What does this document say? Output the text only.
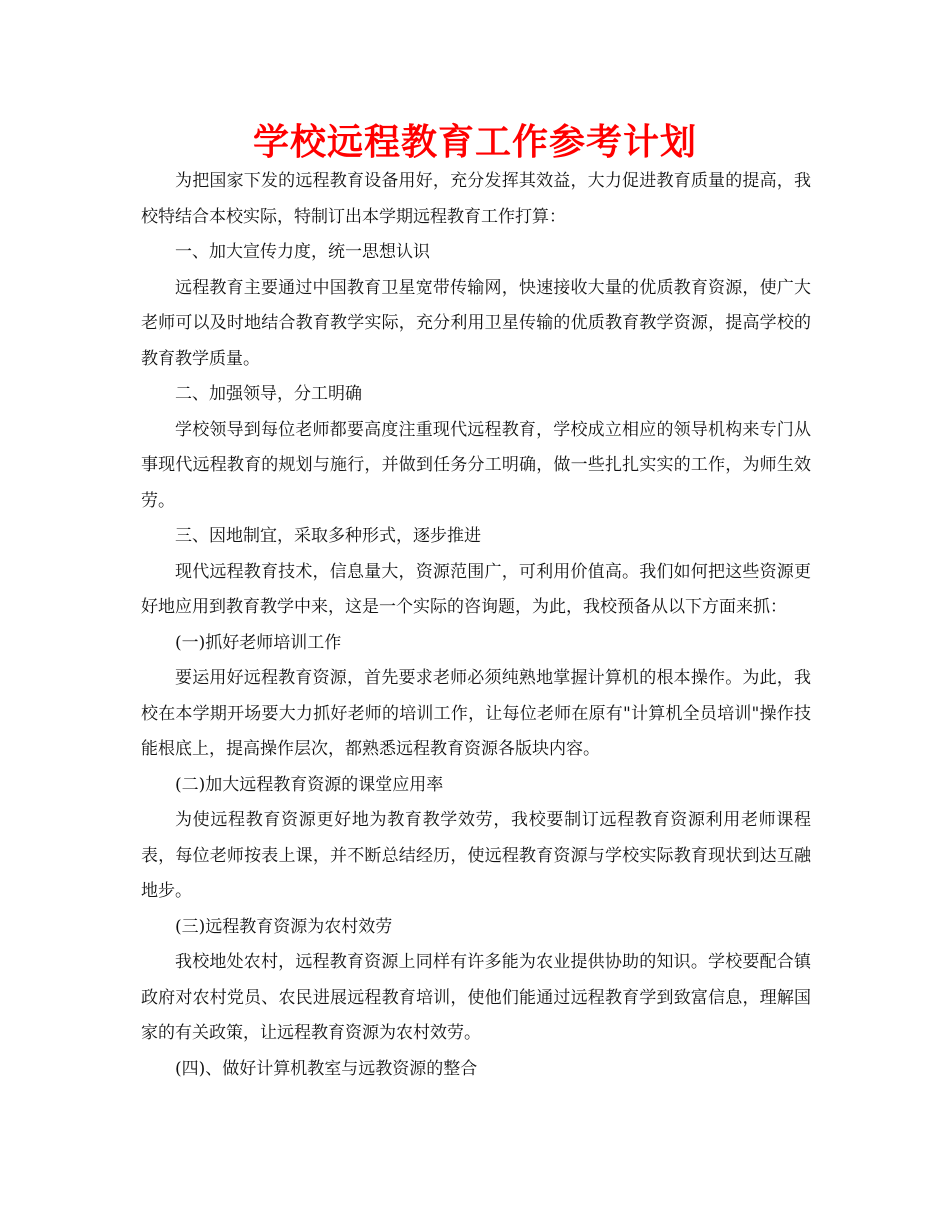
学校远程教育工作参考计划

为把国家下发的远程教育设备用好，充分发挥其效益，大力促进教育质量的提高，我校特结合本校实际，特制订出本学期远程教育工作打算：

一、加大宣传力度，统一思想认识

远程教育主要通过中国教育卫星宽带传输网，快速接收大量的优质教育资源，使广大老师可以及时地结合教育教学实际，充分利用卫星传输的优质教育教学资源，提高学校的教育教学质量。

二、加强领导，分工明确

学校领导到每位老师都要高度注重现代远程教育，学校成立相应的领导机构来专门从事现代远程教育的规划与施行，并做到任务分工明确，做一些扎扎实实的工作，为师生效劳。

三、因地制宜，采取多种形式，逐步推进

现代远程教育技术，信息量大，资源范围广，可利用价值高。我们如何把这些资源更好地应用到教育教学中来，这是一个实际的咨询题，为此，我校预备从以下方面来抓：

(一)抓好老师培训工作

要运用好远程教育资源，首先要求老师必须纯熟地掌握计算机的根本操作。为此，我校在本学期开场要大力抓好老师的培训工作，让每位老师在原有"计算机全员培训"操作技能根底上，提高操作层次，都熟悉远程教育资源各版块内容。

(二)加大远程教育资源的课堂应用率

为使远程教育资源更好地为教育教学效劳，我校要制订远程教育资源利用老师课程表，每位老师按表上课，并不断总结经历，使远程教育资源与学校实际教育现状到达互融地步。

(三)远程教育资源为农村效劳

我校地处农村，远程教育资源上同样有许多能为农业提供协助的知识。学校要配合镇政府对农村党员、农民进展远程教育培训，使他们能通过远程教育学到致富信息，理解国家的有关政策，让远程教育资源为农村效劳。

(四)、做好计算机教室与远教资源的整合
